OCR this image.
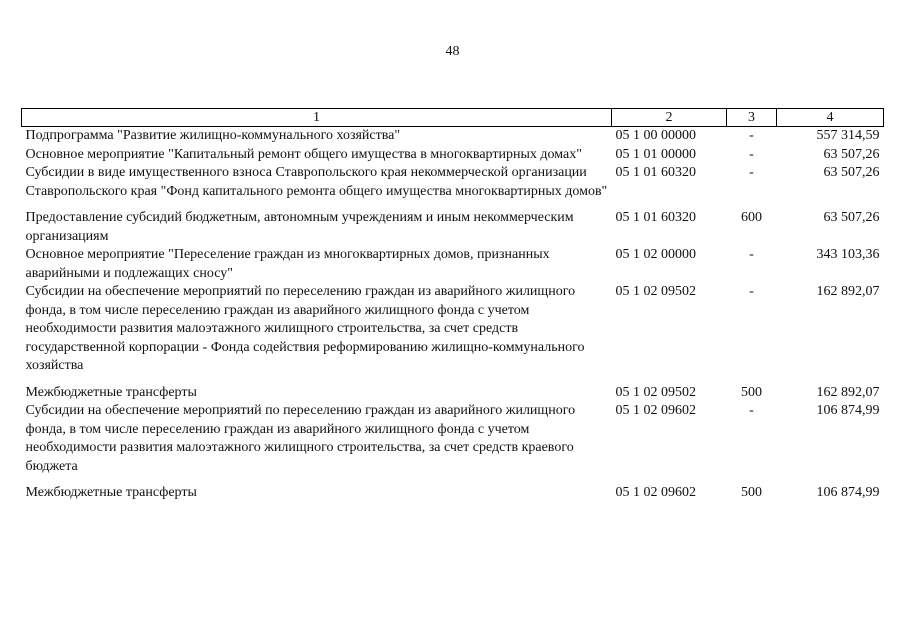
48
1	2	3	4
Подпрограмма "Развитие жилищно-коммунального хозяйства"	05 1 00 00000	-	557 314,59
Основное мероприятие "Капитальный ремонт общего имущества в многоквартирных домах"	05 1 01 00000	-	63 507,26
Субсидии в виде имущественного взноса Ставропольского края некоммерческой организации Ставропольского края "Фонд капитального ремонта общего имущества многоквартирных домов"	05 1 01 60320	-	63 507,26
Предоставление субсидий бюджетным, автономным учреждениям и иным некоммерческим организациям	05 1 01 60320	600	63 507,26
Основное мероприятие "Переселение граждан из многоквартирных домов, признанных аварийными и подлежащих сносу"	05 1 02 00000	-	343 103,36
Субсидии на обеспечение мероприятий по переселению граждан из аварийного жилищного фонда, в том числе переселению граждан из аварийного жилищного фонда с учетом необходимости развития малоэтажного жилищного строительства, за счет средств государственной корпорации - Фонда содействия реформированию жилищно-коммунального хозяйства	05 1 02 09502	-	162 892,07
Межбюджетные трансферты	05 1 02 09502	500	162 892,07
Субсидии на обеспечение мероприятий по переселению граждан из аварийного жилищного фонда, в том числе переселению граждан из аварийного жилищного фонда с учетом необходимости развития малоэтажного жилищного строительства, за счет средств краевого бюджета	05 1 02 09602	-	106 874,99
Межбюджетные трансферты	05 1 02 09602	500	106 874,99
